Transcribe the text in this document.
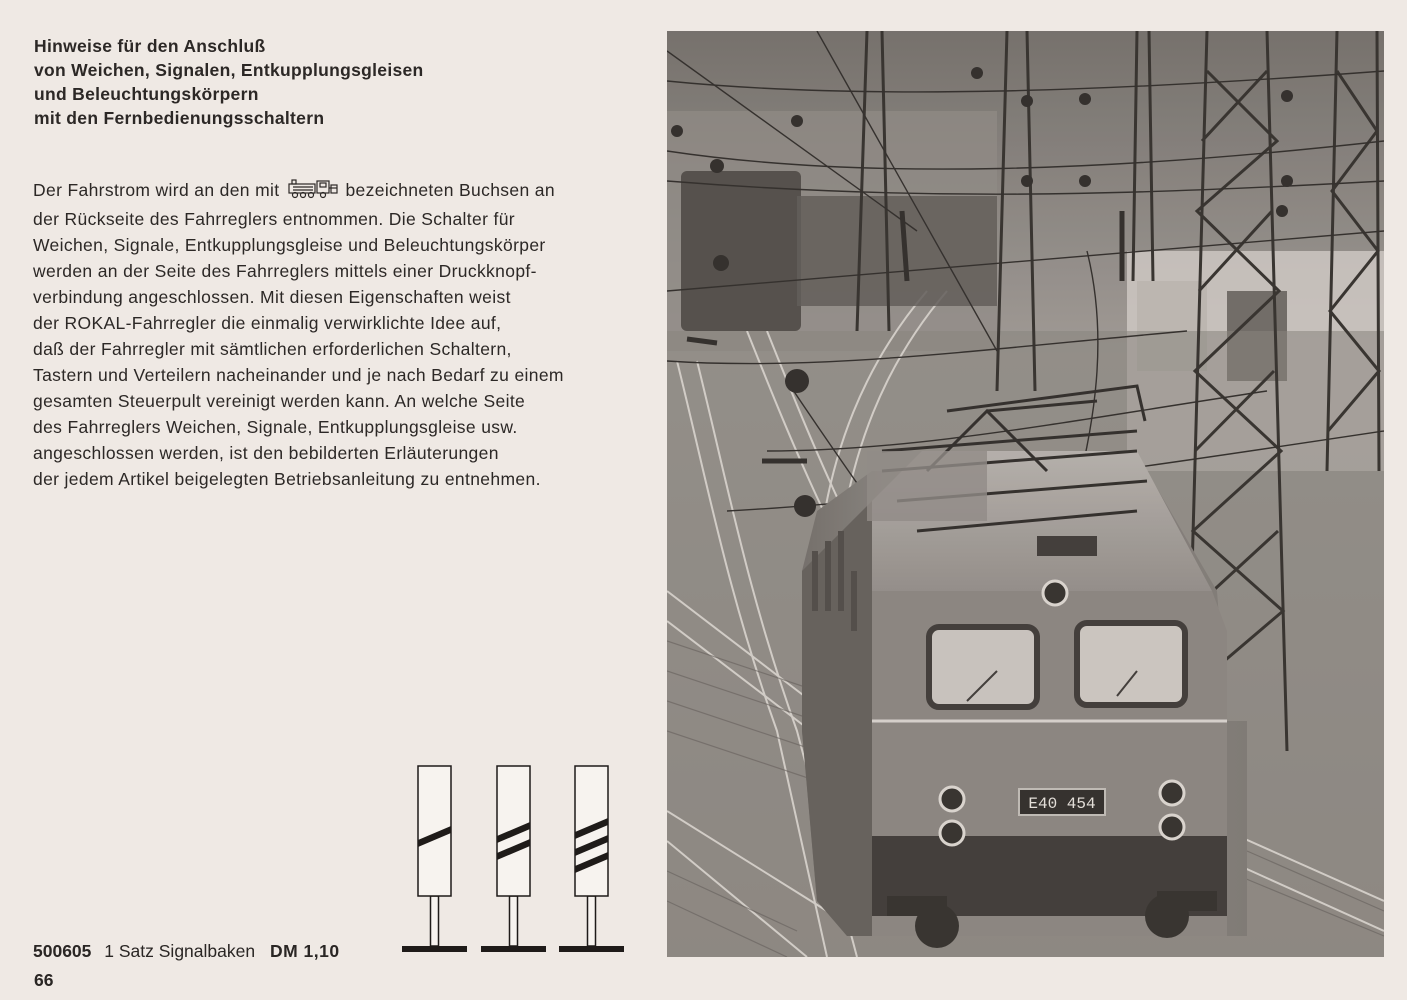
Hinweise für den Anschluß
von Weichen, Signalen, Entkupplungsgleisen
und Beleuchtungskörpern
mit den Fernbedienungsschaltern
Der Fahrstrom wird an den mit	bezeichneten Buchsen an
der Rückseite des Fahrreglers entnommen. Die Schalter für
Weichen, Signale, Entkupplungsgleise und Beleuchtungskörper
werden an der Seite des Fahrreglers mittels einer Druckknopf-
verbindung angeschlossen. Mit diesen Eigenschaften weist
der ROKAL-Fahrregler die einmalig verwirklichte Idee auf,
daß der Fahrregler mit sämtlichen erforderlichen Schaltern,
Tastern und Verteilern nacheinander und je nach Bedarf zu einem
gesamten Steuerpult vereinigt werden kann. An welche Seite
des Fahrreglers Weichen, Signale, Entkupplungsgleise usw.
angeschlossen werden, ist den bebilderten Erläuterungen
der jedem Artikel beigelegten Betriebsanleitung zu entnehmen.
500605 1 Satz Signalbaken DM 1,10
66
E40 454
